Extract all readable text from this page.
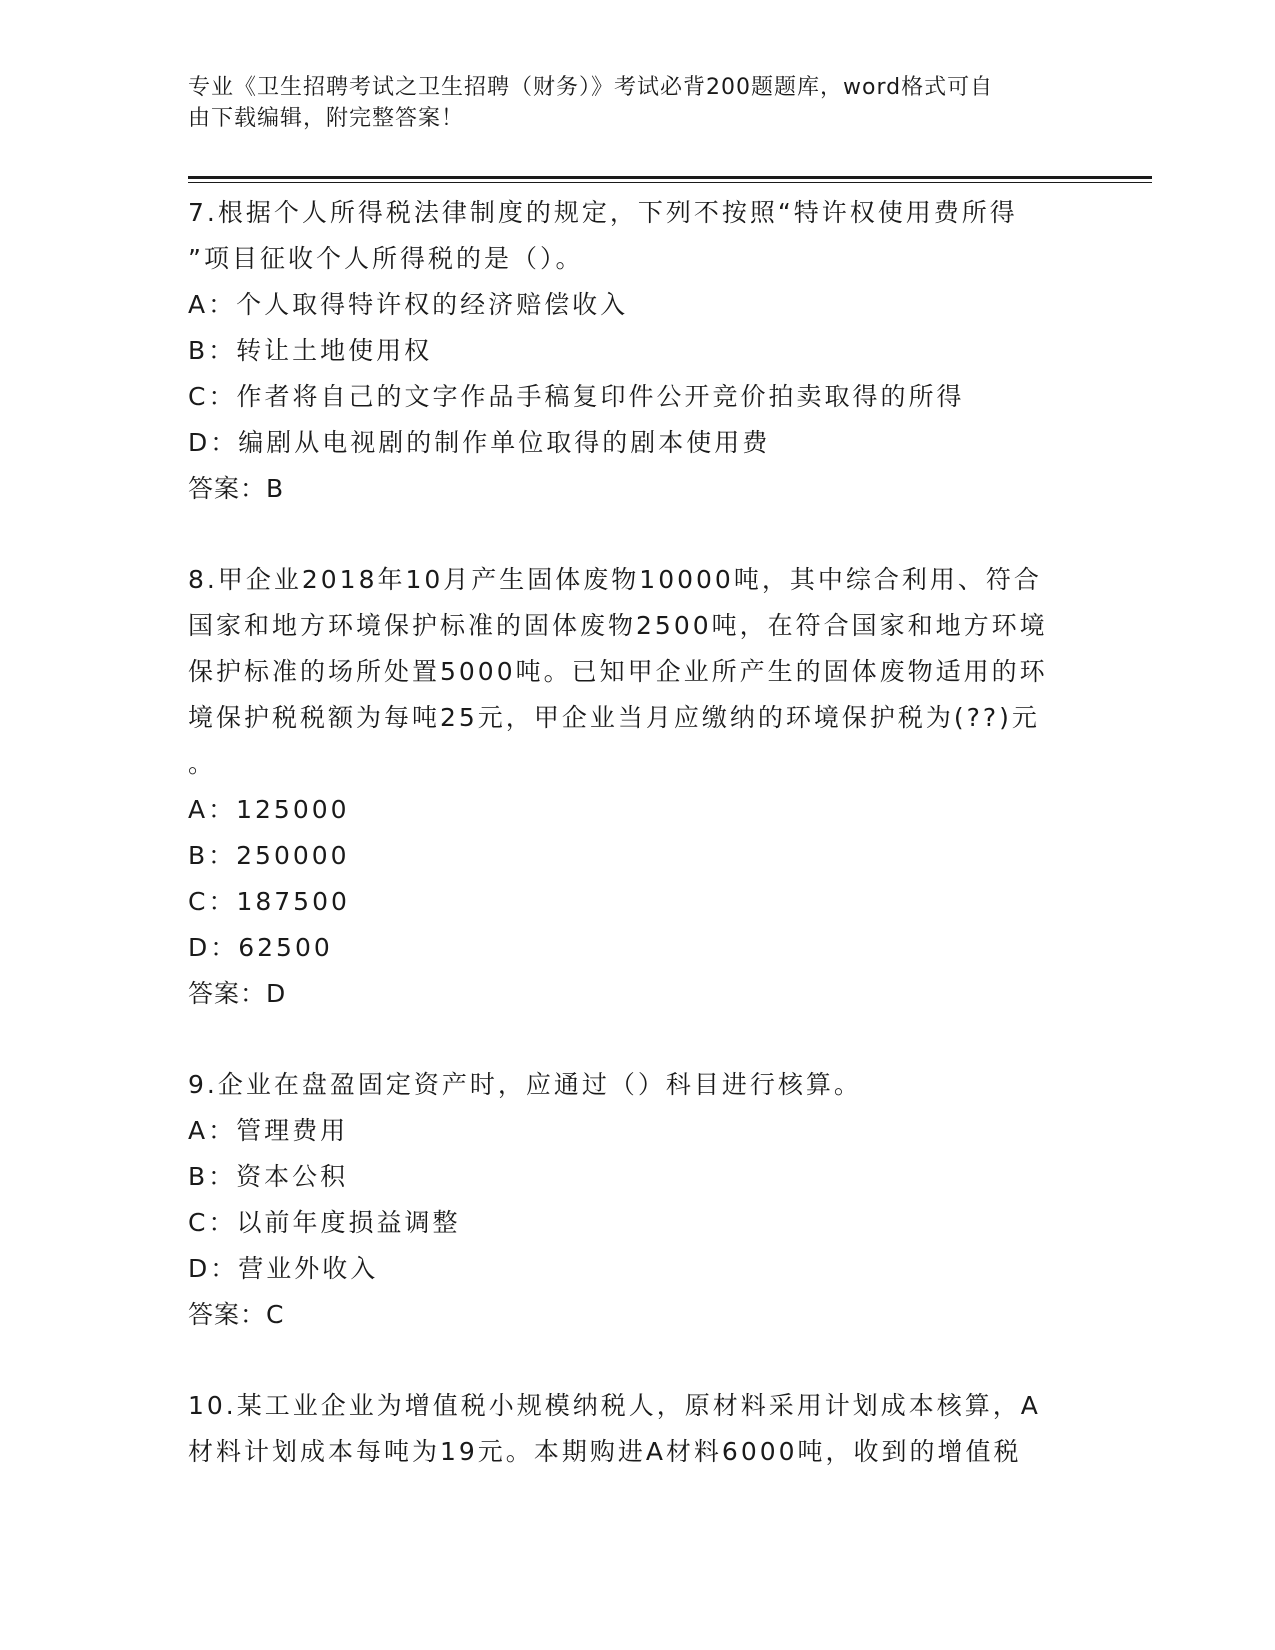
专业《卫生招聘考试之卫生招聘（财务）》考试必背200题题库，word格式可自
由下载编辑，附完整答案！
7.根据个人所得税法律制度的规定，下列不按照“特许权使用费所得
”项目征收个人所得税的是（）。
A：个人取得特许权的经济赔偿收入
B：转让土地使用权
C：作者将自己的文字作品手稿复印件公开竞价拍卖取得的所得
D：编剧从电视剧的制作单位取得的剧本使用费
答案：B
8.甲企业2018年10月产生固体废物10000吨，其中综合利用、符合
国家和地方环境保护标准的固体废物2500吨，在符合国家和地方环境
保护标准的场所处置5000吨。已知甲企业所产生的固体废物适用的环
境保护税税额为每吨25元，甲企业当月应缴纳的环境保护税为(??)元
。
A：125000
B：250000
C：187500
D：62500
答案：D
9.企业在盘盈固定资产时，应通过（）科目进行核算。
A：管理费用
B：资本公积
C：以前年度损益调整
D：营业外收入
答案：C
10.某工业企业为增值税小规模纳税人，原材料采用计划成本核算，A
材料计划成本每吨为19元。本期购进A材料6000吨，收到的增值税
